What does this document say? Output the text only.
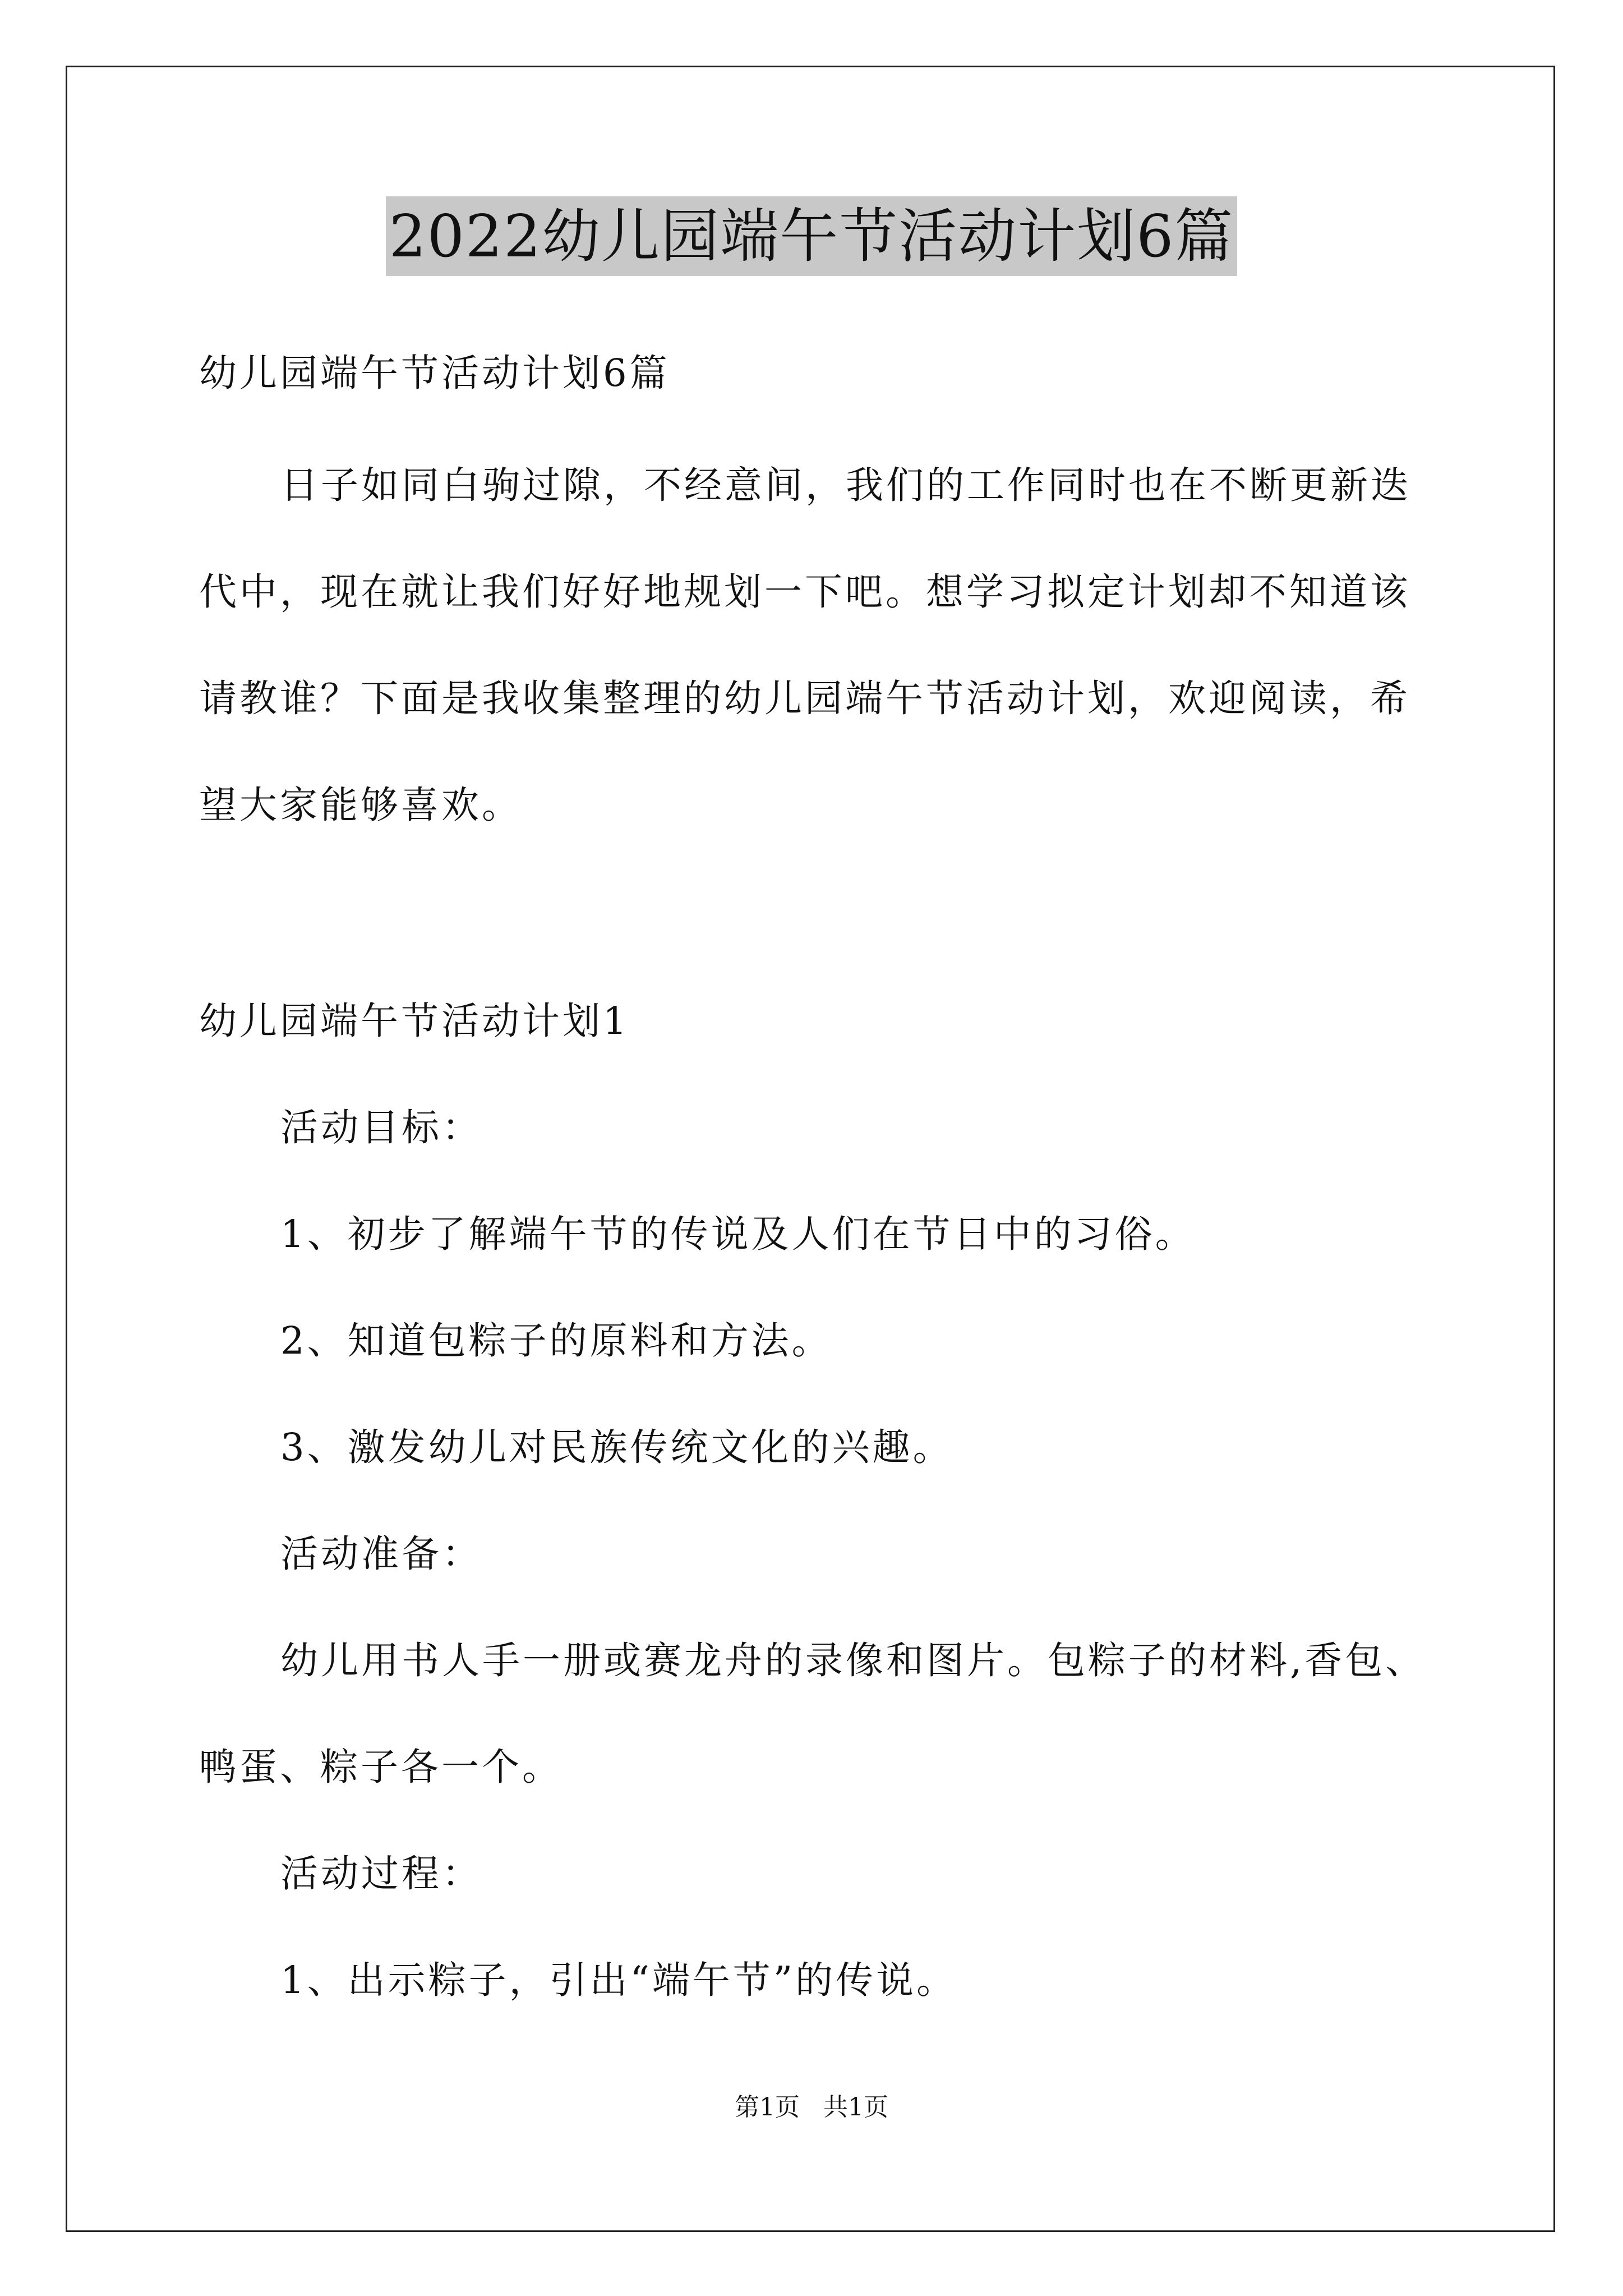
2022幼儿园端午节活动计划6篇
幼儿园端午节活动计划6篇
日子如同白驹过隙，不经意间，我们的工作同时也在不断更新迭
代中，现在就让我们好好地规划一下吧。想学习拟定计划却不知道该
请教谁？下面是我收集整理的幼儿园端午节活动计划，欢迎阅读，希
望大家能够喜欢。
幼儿园端午节活动计划1
活动目标：
1、初步了解端午节的传说及人们在节日中的习俗。
2、知道包粽子的原料和方法。
3、激发幼儿对民族传统文化的兴趣。
活动准备：
幼儿用书人手一册或赛龙舟的录像和图片。包粽子的材料,香包、
鸭蛋、粽子各一个。
活动过程：
1、出示粽子，引出“端午节”的传说。
第1页   共1页
